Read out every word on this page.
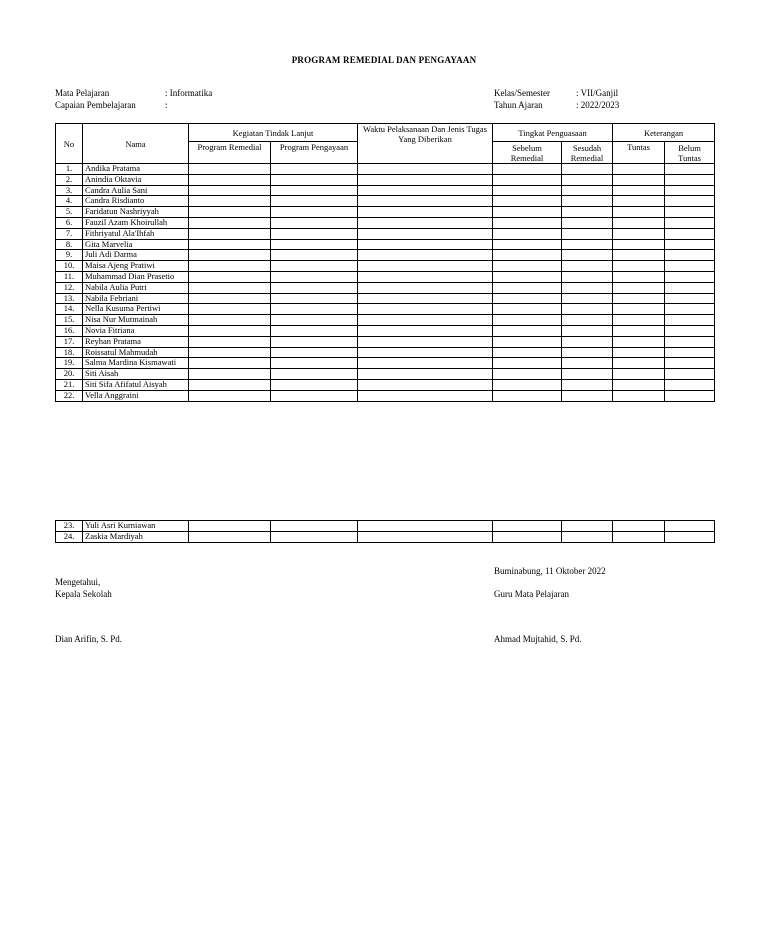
PROGRAM REMEDIAL DAN PENGAYAAN
Mata Pelajaran	: Informatika
Capaian Pembelajaran	:
Kelas/Semester	: VII/Ganjil
Tahun Ajaran	: 2022/2023
No	Nama	Kegiatan Tindak Lanjut		Waktu Pelaksanaan Dan Jenis Tugas Yang Diberikan	Tingkat Penguasaan		Keterangan	
		Program Remedial	Program Pengayaan		Sebelum Remedial	Sesudah Remedial	Tuntas	Belum Tuntas
1.	Andika Pratama							
2.	Anindia Oktavia							
3.	Candra Aulia Sani							
4.	Candra Risdianto							
5.	Faridatun Nashriyyah							
6.	Fauzil Azam Khoirullah							
7.	Fithriyatul Ala'Ihfah							
8.	Gita Marvelia							
9.	Juli Adi Darma							
10.	Maisa Ajeng Pratiwi							
11.	Muhammad Dian Prasetio							
12.	Nabila Aulia Putri							
13.	Nabila Febriani							
14.	Nella Kusuma Pertiwi							
15.	Nisa Nur Mutmainah							
16.	Novia Fitriana							
17.	Reyhan Pratama							
18.	Roissatul Mahmudah							
19.	Salma Mardina Kismawati							
20.	Siti Aisah							
21.	Siti Sifa Afifatul Aisyah							
22.	Vella Anggraini							
23.	Yuli Asri Kurniawan							
24.	Zaskia Mardiyah							
Buminabung, 11 Oktober 2022
Mengetahui,
Kepala Sekolah	Guru Mata Pelajaran
Dian Arifin, S. Pd.	Ahmad Mujtahid, S. Pd.
